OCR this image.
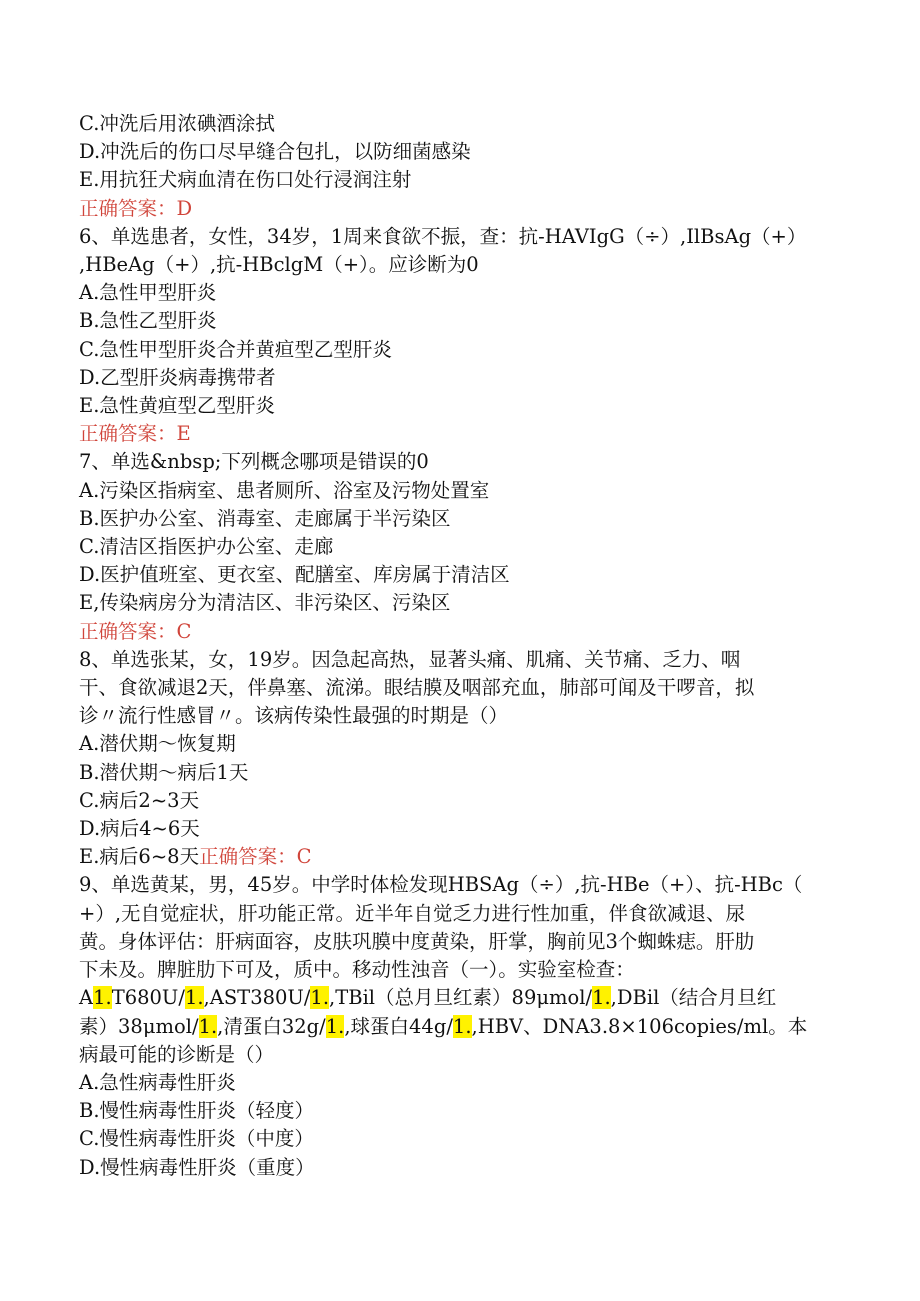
C.冲洗后用浓碘酒涂拭
D.冲洗后的伤口尽早缝合包扎，以防细菌感染
E.用抗狂犬病血清在伤口处行浸润注射
正确答案：D
6、单选患者，女性，34岁，1周来食欲不振，查：抗-HAVIgG（÷）,IlBsAg（+）
,HBeAg（+）,抗-HBclgM（+）。应诊断为0
A.急性甲型肝炎
B.急性乙型肝炎
C.急性甲型肝炎合并黄疸型乙型肝炎
D.乙型肝炎病毒携带者
E.急性黄疸型乙型肝炎
正确答案：E
7、单选&nbsp;下列概念哪项是错误的0
A.污染区指病室、患者厕所、浴室及污物处置室
B.医护办公室、消毒室、走廊属于半污染区
C.清洁区指医护办公室、走廊
D.医护值班室、更衣室、配膳室、库房属于清洁区
E,传染病房分为清洁区、非污染区、污染区
正确答案：C
8、单选张某，女，19岁。因急起高热，显著头痛、肌痛、关节痛、乏力、咽
干、食欲减退2天，伴鼻塞、流涕。眼结膜及咽部充血，肺部可闻及干啰音，拟
诊〃流行性感冒〃。该病传染性最强的时期是（）
A.潜伏期～恢复期
B.潜伏期～病后1天
C.病后2~3天
D.病后4~6天
E.病后6~8天正确答案：C
9、单选黄某，男，45岁。中学时体检发现HBSAg（÷）,抗-HBe（+）、抗-HBc（
+）,无自觉症状，肝功能正常。近半年自觉乏力进行性加重，伴食欲减退、尿
黄。身体评估：肝病面容，皮肤巩膜中度黄染，肝掌，胸前见3个蜘蛛痣。肝肋
下未及。脾脏肋下可及，质中。移动性浊音（一）。实验室检查：
A1.T680U/1.,AST380U/1.,TBil（总月旦红素）89μmol/1.,DBil（结合月旦红
素）38μmol/1.,清蛋白32g/1.,球蛋白44g/1.,HBV、DNA3.8×106copies/ml。本
病最可能的诊断是（）
A.急性病毒性肝炎
B.慢性病毒性肝炎（轻度）
C.慢性病毒性肝炎（中度）
D.慢性病毒性肝炎（重度）
